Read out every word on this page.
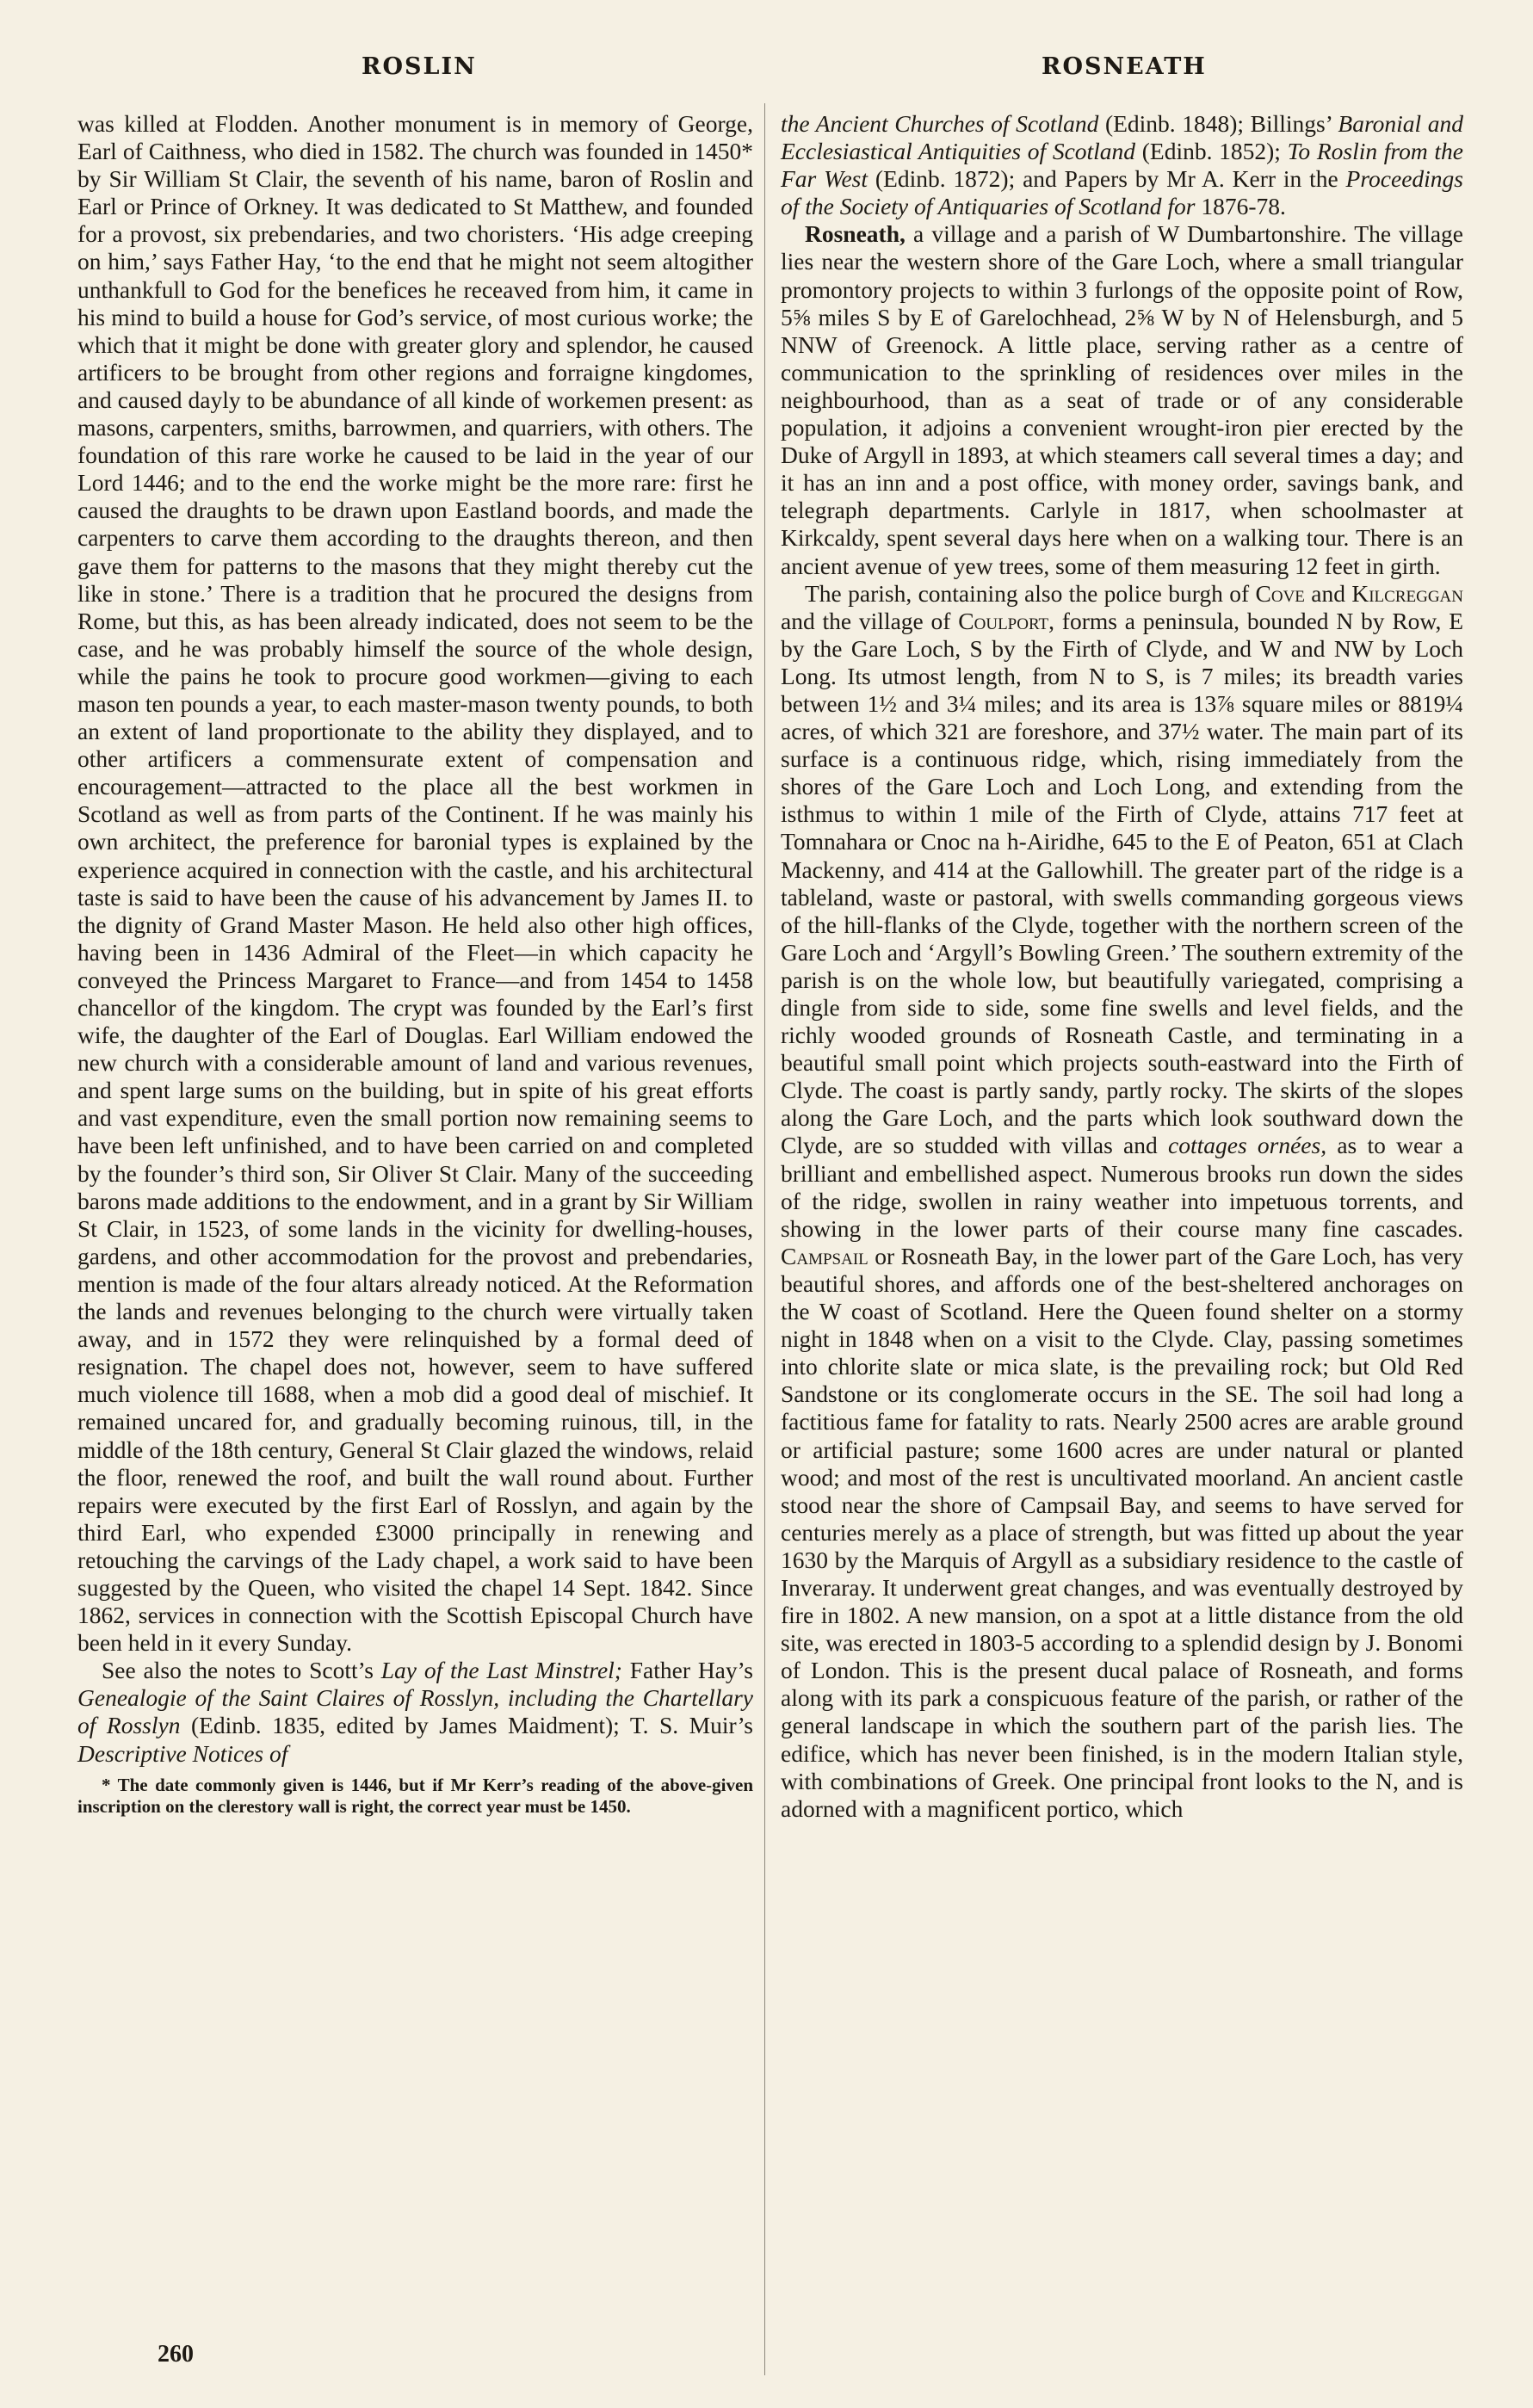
ROSLIN	ROSNEATH

was killed at Flodden. Another monument is in memory of George, Earl of Caithness, who died in 1582. The church was founded in 1450* by Sir William St Clair, the seventh of his name, baron of Roslin and Earl or Prince of Orkney. It was dedicated to St Matthew, and founded for a provost, six prebendaries, and two choristers. ‘His adge creeping on him,’ says Father Hay, ‘to the end that he might not seem altogither unthankfull to God for the benefices he receaved from him, it came in his mind to build a house for God’s service, of most curious worke; the which that it might be done with greater glory and splendor, he caused artificers to be brought from other regions and forraigne kingdomes, and caused dayly to be abundance of all kinde of workemen present: as masons, carpenters, smiths, barrowmen, and quarriers, with others. The foundation of this rare worke he caused to be laid in the year of our Lord 1446; and to the end the worke might be the more rare: first he caused the draughts to be drawn upon Eastland boords, and made the carpenters to carve them according to the draughts thereon, and then gave them for patterns to the masons that they might thereby cut the like in stone.’ There is a tradition that he procured the designs from Rome, but this, as has been already indicated, does not seem to be the case, and he was probably himself the source of the whole design, while the pains he took to procure good workmen—giving to each mason ten pounds a year, to each master-mason twenty pounds, to both an extent of land proportionate to the ability they displayed, and to other artificers a commensurate extent of compensation and encouragement—attracted to the place all the best workmen in Scotland as well as from parts of the Continent. If he was mainly his own architect, the preference for baronial types is explained by the experience acquired in connection with the castle, and his architectural taste is said to have been the cause of his advancement by James II. to the dignity of Grand Master Mason. He held also other high offices, having been in 1436 Admiral of the Fleet—in which capacity he conveyed the Princess Margaret to France—and from 1454 to 1458 chancellor of the kingdom. The crypt was founded by the Earl’s first wife, the daughter of the Earl of Douglas. Earl William endowed the new church with a considerable amount of land and various revenues, and spent large sums on the building, but in spite of his great efforts and vast expenditure, even the small portion now remaining seems to have been left unfinished, and to have been carried on and completed by the founder’s third son, Sir Oliver St Clair. Many of the succeeding barons made additions to the endowment, and in a grant by Sir William St Clair, in 1523, of some lands in the vicinity for dwelling-houses, gardens, and other accommodation for the provost and prebendaries, mention is made of the four altars already noticed. At the Reformation the lands and revenues belonging to the church were virtually taken away, and in 1572 they were relinquished by a formal deed of resignation. The chapel does not, however, seem to have suffered much violence till 1688, when a mob did a good deal of mischief. It remained uncared for, and gradually becoming ruinous, till, in the middle of the 18th century, General St Clair glazed the windows, relaid the floor, renewed the roof, and built the wall round about. Further repairs were executed by the first Earl of Rosslyn, and again by the third Earl, who expended £3000 principally in renewing and retouching the carvings of the Lady chapel, a work said to have been suggested by the Queen, who visited the chapel 14 Sept. 1842. Since 1862, services in connection with the Scottish Episcopal Church have been held in it every Sunday.

See also the notes to Scott’s Lay of the Last Minstrel; Father Hay’s Genealogie of the Saint Claires of Rosslyn, including the Chartellary of Rosslyn (Edinb. 1835, edited by James Maidment); T. S. Muir’s Descriptive Notices of

* The date commonly given is 1446, but if Mr Kerr’s reading of the above-given inscription on the clerestory wall is right, the correct year must be 1450.

the Ancient Churches of Scotland (Edinb. 1848); Billings’ Baronial and Ecclesiastical Antiquities of Scotland (Edinb. 1852); To Roslin from the Far West (Edinb. 1872); and Papers by Mr A. Kerr in the Proceedings of the Society of Antiquaries of Scotland for 1876-78.

Rosneath, a village and a parish of W Dumbartonshire. The village lies near the western shore of the Gare Loch, where a small triangular promontory projects to within 3 furlongs of the opposite point of Row, 5⅝ miles S by E of Garelochhead, 2⅝ W by N of Helensburgh, and 5 NNW of Greenock. A little place, serving rather as a centre of communication to the sprinkling of residences over miles in the neighbourhood, than as a seat of trade or of any considerable population, it adjoins a convenient wrought-iron pier erected by the Duke of Argyll in 1893, at which steamers call several times a day; and it has an inn and a post office, with money order, savings bank, and telegraph departments. Carlyle in 1817, when schoolmaster at Kirkcaldy, spent several days here when on a walking tour. There is an ancient avenue of yew trees, some of them measuring 12 feet in girth.

The parish, containing also the police burgh of Cove and Kilcreggan and the village of Coulport, forms a peninsula, bounded N by Row, E by the Gare Loch, S by the Firth of Clyde, and W and NW by Loch Long. Its utmost length, from N to S, is 7 miles; its breadth varies between 1½ and 3¼ miles; and its area is 13⅞ square miles or 8819¼ acres, of which 321 are foreshore, and 37½ water. The main part of its surface is a continuous ridge, which, rising immediately from the shores of the Gare Loch and Loch Long, and extending from the isthmus to within 1 mile of the Firth of Clyde, attains 717 feet at Tomnahara or Cnoc na h-Airidhe, 645 to the E of Peaton, 651 at Clach Mackenny, and 414 at the Gallowhill. The greater part of the ridge is a tableland, waste or pastoral, with swells commanding gorgeous views of the hill-flanks of the Clyde, together with the northern screen of the Gare Loch and ‘Argyll’s Bowling Green.’ The southern extremity of the parish is on the whole low, but beautifully variegated, comprising a dingle from side to side, some fine swells and level fields, and the richly wooded grounds of Rosneath Castle, and terminating in a beautiful small point which projects south-eastward into the Firth of Clyde. The coast is partly sandy, partly rocky. The skirts of the slopes along the Gare Loch, and the parts which look southward down the Clyde, are so studded with villas and cottages ornées, as to wear a brilliant and embellished aspect. Numerous brooks run down the sides of the ridge, swollen in rainy weather into impetuous torrents, and showing in the lower parts of their course many fine cascades. Campsail or Rosneath Bay, in the lower part of the Gare Loch, has very beautiful shores, and affords one of the best-sheltered anchorages on the W coast of Scotland. Here the Queen found shelter on a stormy night in 1848 when on a visit to the Clyde. Clay, passing sometimes into chlorite slate or mica slate, is the prevailing rock; but Old Red Sandstone or its conglomerate occurs in the SE. The soil had long a factitious fame for fatality to rats. Nearly 2500 acres are arable ground or artificial pasture; some 1600 acres are under natural or planted wood; and most of the rest is uncultivated moorland. An ancient castle stood near the shore of Campsail Bay, and seems to have served for centuries merely as a place of strength, but was fitted up about the year 1630 by the Marquis of Argyll as a subsidiary residence to the castle of Inveraray. It underwent great changes, and was eventually destroyed by fire in 1802. A new mansion, on a spot at a little distance from the old site, was erected in 1803-5 according to a splendid design by J. Bonomi of London. This is the present ducal palace of Rosneath, and forms along with its park a conspicuous feature of the parish, or rather of the general landscape in which the southern part of the parish lies. The edifice, which has never been finished, is in the modern Italian style, with combinations of Greek. One principal front looks to the N, and is adorned with a magnificent portico, which

260
